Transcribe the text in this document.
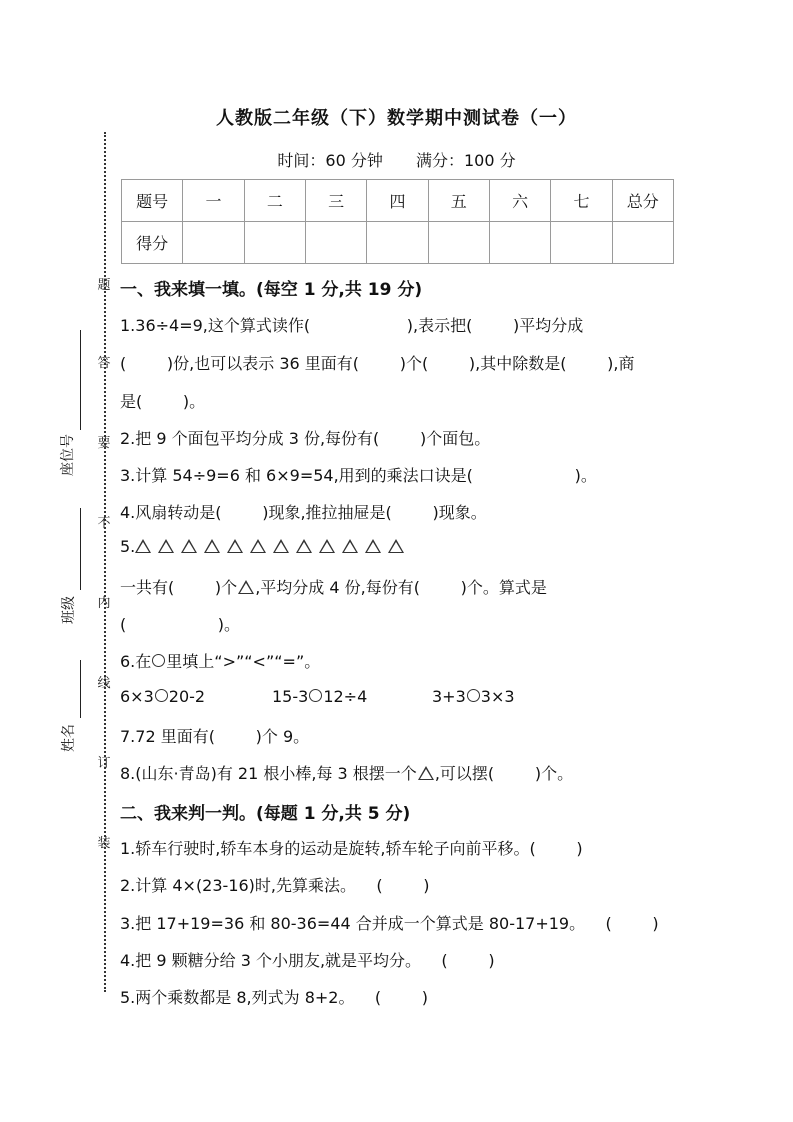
题
答
要
不
内
线
订
装
座位号
班级
姓名
人教版二年级（下）数学期中测试卷（一）
时间：60 分钟 满分：100 分
题号	一	二	三	四	五	六	七	总分
得分								
一、我来填一填。(每空 1 分,共 19 分)
1.36÷4=9,这个算式读作(                   ),表示把(        )平均分成
(        )份,也可以表示 36 里面有(        )个(        ),其中除数是(        ),商
是(        )。
2.把 9 个面包平均分成 3 份,每份有(        )个面包。
3.计算 54÷9=6 和 6×9=54,用到的乘法口诀是(                    )。
4.风扇转动是(        )现象,推拉抽屉是(        )现象。
5.
一共有(        )个 ,平均分成 4 份,每份有(        )个。算式是
(                  )。
6.在 里填上“>”“<”“=”。
6×3 20-2	15-3 12÷4	3+3 3×3
7.72 里面有(        )个 9。
8.(山东·青岛)有 21 根小棒,每 3 根摆一个 ,可以摆(        )个。
二、我来判一判。(每题 1 分,共 5 分)
1.轿车行驶时,轿车本身的运动是旋转,轿车轮子向前平移。(        )
2.计算 4×(23-16)时,先算乘法。    (        )
3.把 17+19=36 和 80-36=44 合并成一个算式是 80-17+19。    (        )
4.把 9 颗糖分给 3 个小朋友,就是平均分。    (        )
5.两个乘数都是 8,列式为 8+2。    (        )
